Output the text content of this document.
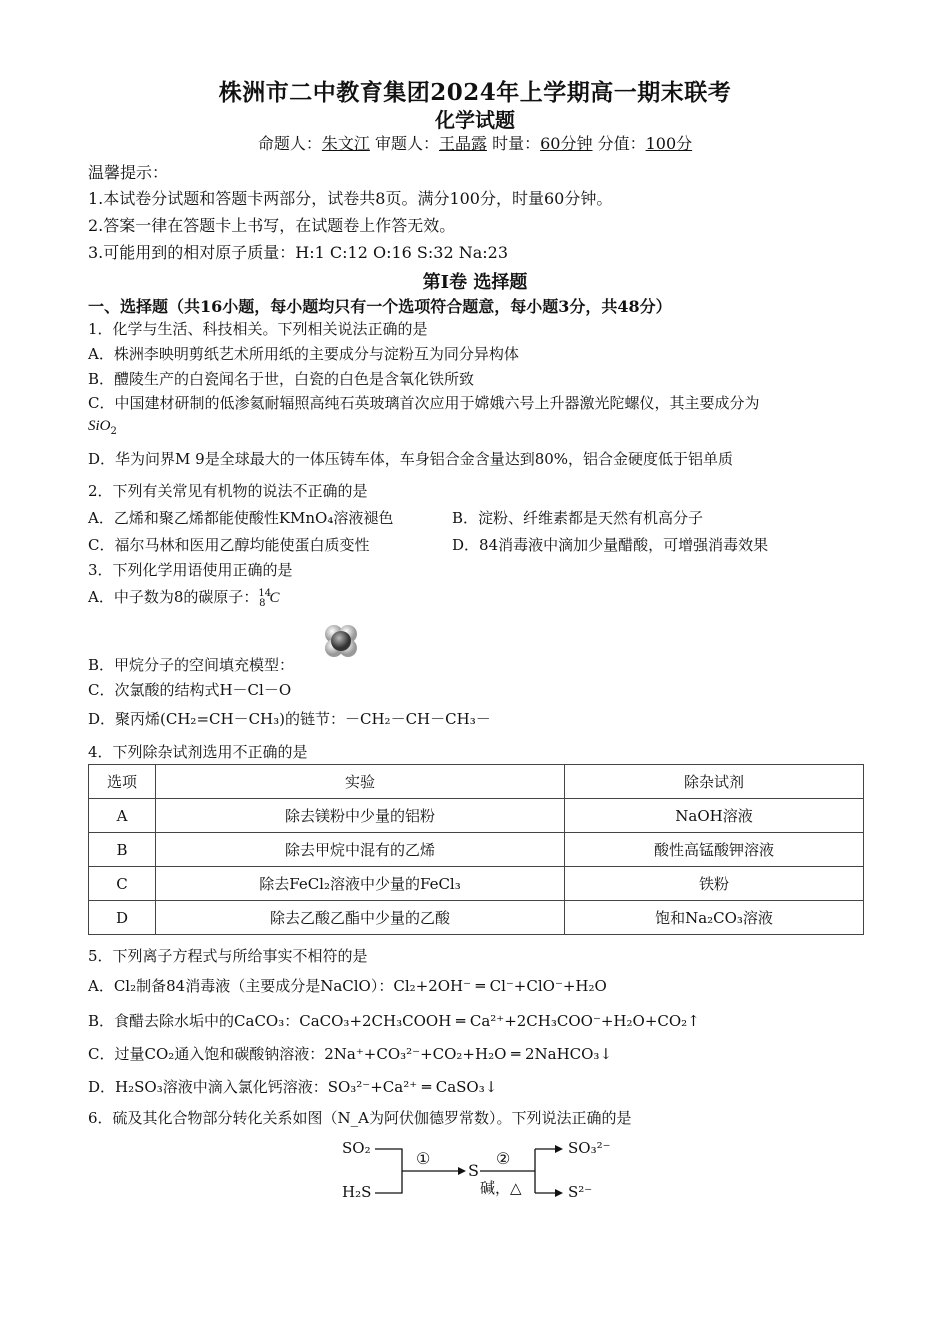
株洲市二中教育集团2024年上学期高一期末联考
化学试题
命题人：朱文江 审题人：王晶露 时量：60分钟 分值：100分
温馨提示：
1.本试卷分试题和答题卡两部分，试卷共8页。满分100分，时量60分钟。
2.答案一律在答题卡上书写，在试题卷上作答无效。
3.可能用到的相对原子质量：H:1 C:12 O:16 S:32 Na:23
第Ⅰ卷 选择题
一、选择题（共16小题，每小题均只有一个选项符合题意，每小题3分，共48分）
1．化学与生活、科技相关。下列相关说法正确的是
A．株洲李映明剪纸艺术所用纸的主要成分与淀粉互为同分异构体
B．醴陵生产的白瓷闻名于世，白瓷的白色是含氧化铁所致
C．中国建材研制的低渗氦耐辐照高纯石英玻璃首次应用于嫦娥六号上升器激光陀螺仪，其主要成分为
SiO$_2$
D．华为问界M 9是全球最大的一体压铸车体，车身铝合金含量达到80%，铝合金硬度低于铝单质
2．下列有关常见有机物的说法不正确的是
A．乙烯和聚乙烯都能使酸性KMnO₄溶液褪色	B．淀粉、纤维素都是天然有机高分子
C．福尔马林和医用乙醇均能使蛋白质变性	D．84消毒液中滴加少量醋酸，可增强消毒效果
3．下列化学用语使用正确的是
A．中子数为8的碳原子：$^{14}_8$ C
B．甲烷分子的空间填充模型：
C．次氯酸的结构式H－Cl－O
D．聚丙烯(CH₂=CH－CH₃)的链节：－CH₂－CH－CH₃－
4．下列除杂试剂选用不正确的是
选项	实验	除杂试剂
A	除去镁粉中少量的铝粉	NaOH溶液
B	除去甲烷中混有的乙烯	酸性高锰酸钾溶液
C	除去FeCl₂溶液中少量的FeCl₃	铁粉
D	除去乙酸乙酯中少量的乙酸	饱和Na₂CO₃溶液
5．下列离子方程式与所给事实不相符的是
A．Cl₂制备84消毒液（主要成分是NaClO）：Cl₂+2OH⁻ ═ Cl⁻+ClO⁻+H₂O
B．食醋去除水垢中的CaCO₃：CaCO₃+2CH₃COOH ═ Ca²⁺+2CH₃COO⁻+H₂O+CO₂↑
C．过量CO₂通入饱和碳酸钠溶液：2Na⁺+CO₃²⁻+CO₂+H₂O ═ 2NaHCO₃↓
D．H₂SO₃溶液中滴入氯化钙溶液：SO₃²⁻+Ca²⁺ ═ CaSO₃↓
6．硫及其化合物部分转化关系如图（N_A为阿伏伽德罗常数）。下列说法正确的是
SO₂
H₂S
①
S
②
碱，△
SO₃²⁻
S²⁻
